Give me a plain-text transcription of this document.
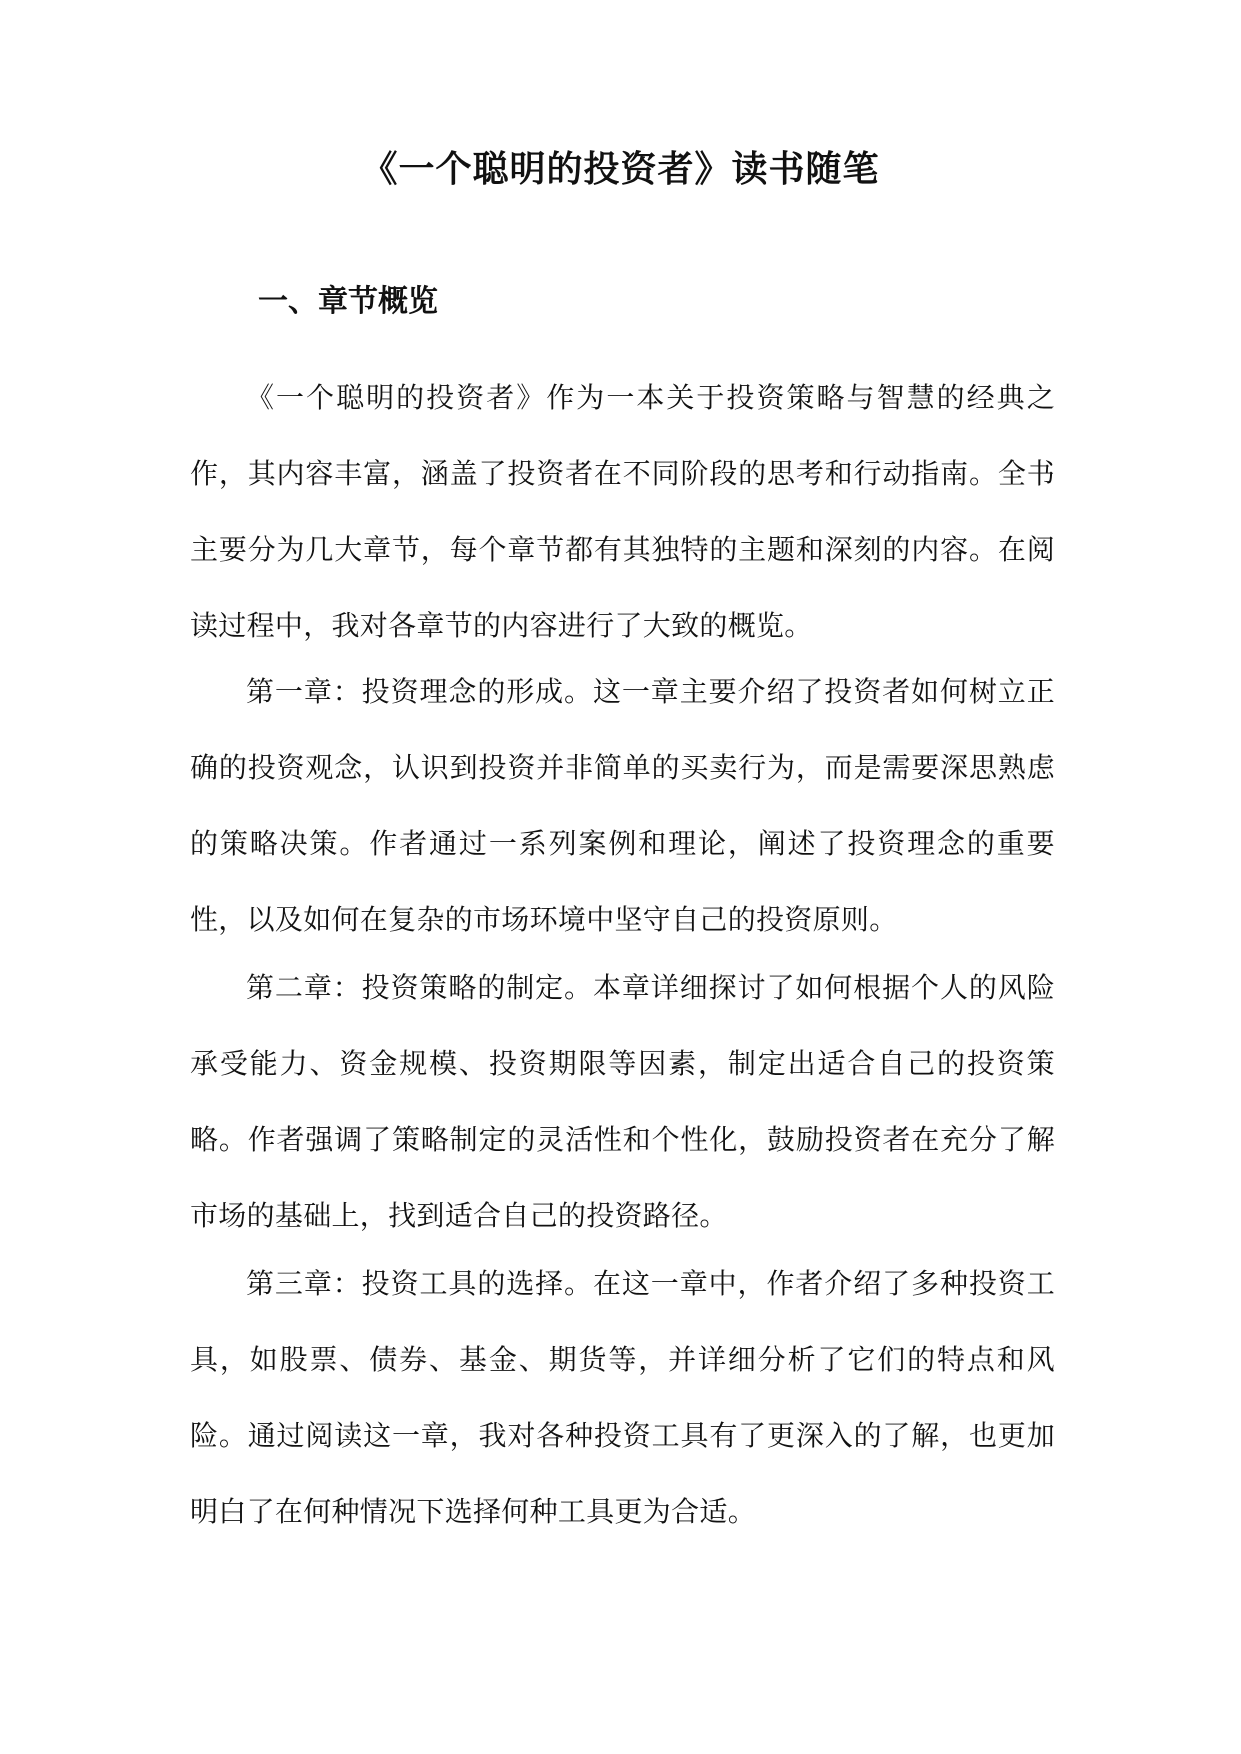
《一个聪明的投资者》读书随笔
一、章节概览

《一个聪明的投资者》作为一本关于投资策略与智慧的经典之作，其内容丰富，涵盖了投资者在不同阶段的思考和行动指南。全书主要分为几大章节，每个章节都有其独特的主题和深刻的内容。在阅读过程中，我对各章节的内容进行了大致的概览。

第一章：投资理念的形成。这一章主要介绍了投资者如何树立正确的投资观念，认识到投资并非简单的买卖行为，而是需要深思熟虑的策略决策。作者通过一系列案例和理论，阐述了投资理念的重要性，以及如何在复杂的市场环境中坚守自己的投资原则。

第二章：投资策略的制定。本章详细探讨了如何根据个人的风险承受能力、资金规模、投资期限等因素，制定出适合自己的投资策略。作者强调了策略制定的灵活性和个性化，鼓励投资者在充分了解市场的基础上，找到适合自己的投资路径。

第三章：投资工具的选择。在这一章中，作者介绍了多种投资工具，如股票、债券、基金、期货等，并详细分析了它们的特点和风险。通过阅读这一章，我对各种投资工具有了更深入的了解，也更加明白了在何种情况下选择何种工具更为合适。
